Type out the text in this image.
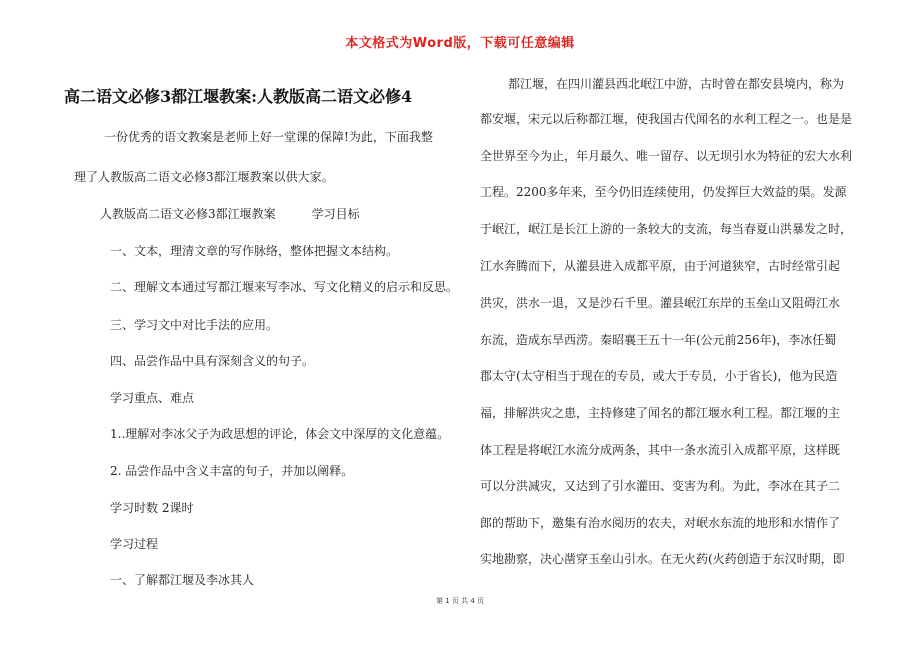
本文格式为Word版，下载可任意编辑
高二语文必修3都江堰教案:人教版高二语文必修4

一份优秀的语文教案是老师上好一堂课的保障!为此，下面我整

理了人教版高二语文必修3都江堰教案以供大家。

人教版高二语文必修3都江堰教案　　　学习目标

一、文本，理清文章的写作脉络，整体把握文本结构。

二、理解文本通过写都江堰来写李冰、写文化精义的启示和反思。

三、学习文中对比手法的应用。

四、品尝作品中具有深刻含义的句子。

学习重点、难点

1..理解对李冰父子为政思想的评论，体会文中深厚的文化意蕴。

2. 品尝作品中含义丰富的句子，并加以阐释。

学习时数 2课时

学习过程

一、了解都江堰及李冰其人

都江堰，在四川灌县西北岷江中游，古时曾在都安县境内，称为

都安堰，宋元以后称都江堰，使我国古代闻名的水利工程之一。也是是

全世界至今为止，年月最久、唯一留存、以无坝引水为特征的宏大水利

工程。2200多年来，至今仍旧连续使用，仍发挥巨大效益的渠。发源

于岷江，岷江是长江上游的一条较大的支流，每当春夏山洪暴发之时，

江水奔腾而下，从灌县进入成都平原，由于河道狭窄，古时经常引起

洪灾，洪水一退，又是沙石千里。灌县岷江东岸的玉垒山又阻碍江水

东流，造成东旱西涝。秦昭襄王五十一年(公元前256年)，李冰任蜀

郡太守(太守相当于现在的专员，或大于专员，小于省长)，他为民造

福，排解洪灾之患，主持修建了闻名的都江堰水利工程。都江堰的主

体工程是将岷江水流分成两条，其中一条水流引入成都平原，这样既

可以分洪减灾，又达到了引水灌田、变害为利。为此，李冰在其子二

郎的帮助下，邀集有治水阅历的农夫，对岷水东流的地形和水情作了

实地勘察，决心凿穿玉垒山引水。在无火药(火药创造于东汉时期，即

第 1 页 共 4 页
